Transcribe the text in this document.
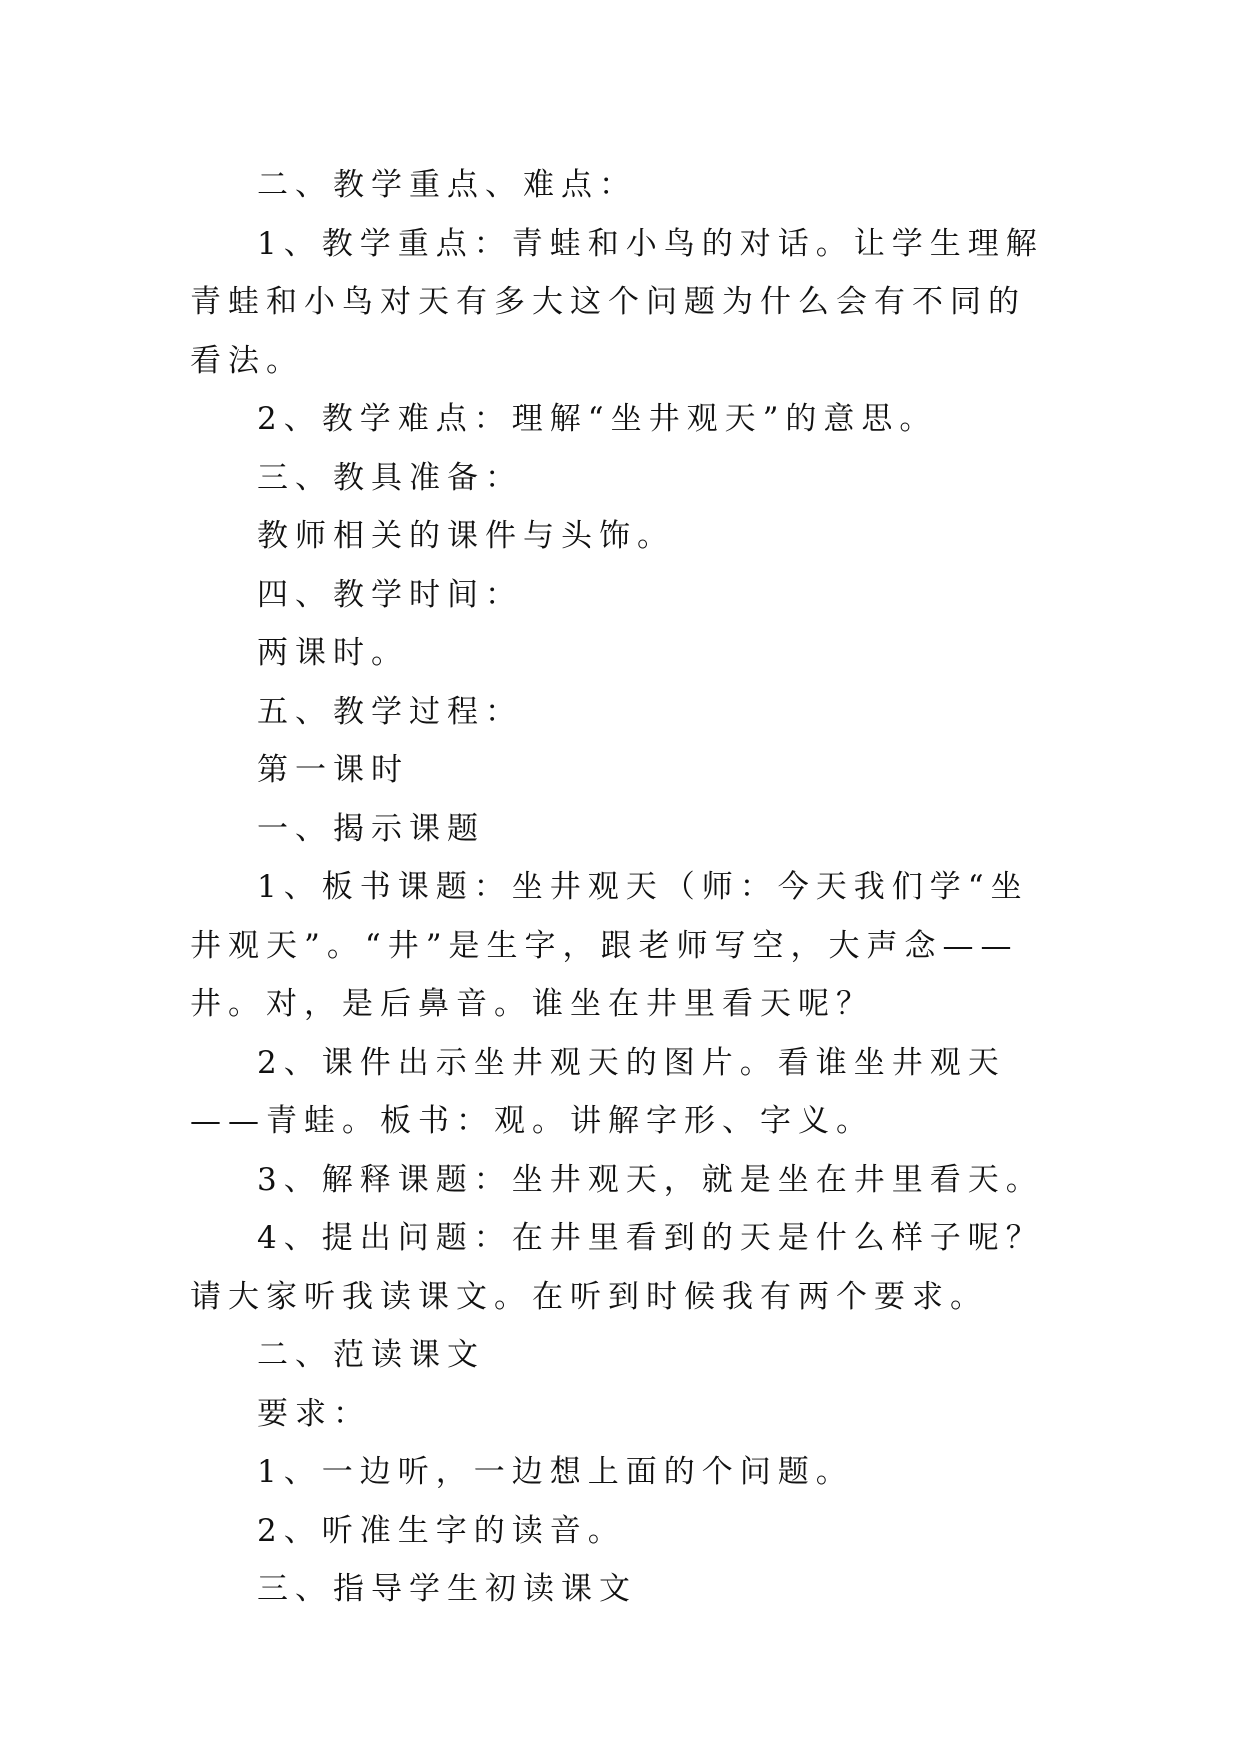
二、教学重点、难点：

1、教学重点：青蛙和小鸟的对话。让学生理解青蛙和小鸟对天有多大这个问题为什么会有不同的看法。

2、教学难点：理解“坐井观天”的意思。

三、教具准备：

教师相关的课件与头饰。

四、教学时间：

两课时。

五、教学过程：

第一课时

一、揭示课题

1、板书课题：坐井观天（师：今天我们学“坐井观天”。“井”是生字，跟老师写空，大声念——井。对，是后鼻音。谁坐在井里看天呢？

2、课件出示坐井观天的图片。看谁坐井观天——青蛙。板书：观。讲解字形、字义。

3、解释课题：坐井观天，就是坐在井里看天。

4、提出问题：在井里看到的天是什么样子呢？请大家听我读课文。在听到时候我有两个要求。

二、范读课文

要求：

1、一边听，一边想上面的个问题。

2、听准生字的读音。

三、指导学生初读课文
